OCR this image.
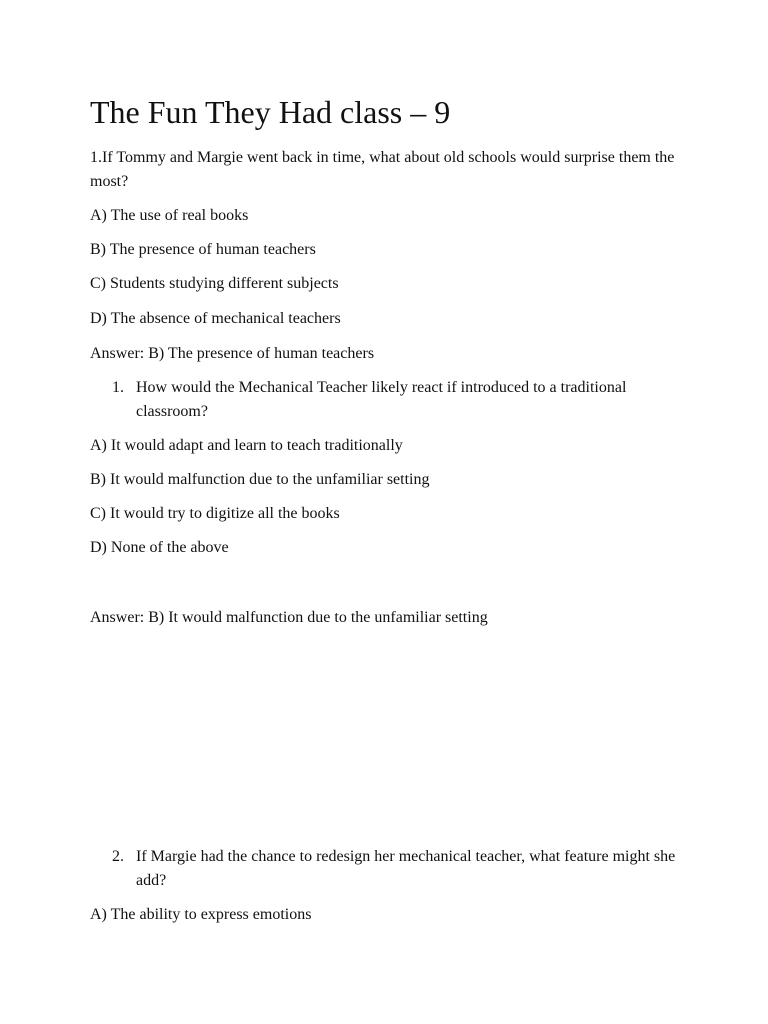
The Fun They Had class – 9

1.If Tommy and Margie went back in time, what about old schools would surprise them the most?

A) The use of real books

B) The presence of human teachers

C) Students studying different subjects

D) The absence of mechanical teachers

Answer: B) The presence of human teachers

1. How would the Mechanical Teacher likely react if introduced to a traditional classroom?

A) It would adapt and learn to teach traditionally

B) It would malfunction due to the unfamiliar setting

C) It would try to digitize all the books

D) None of the above

Answer: B) It would malfunction due to the unfamiliar setting

2. If Margie had the chance to redesign her mechanical teacher, what feature might she add?

A) The ability to express emotions
